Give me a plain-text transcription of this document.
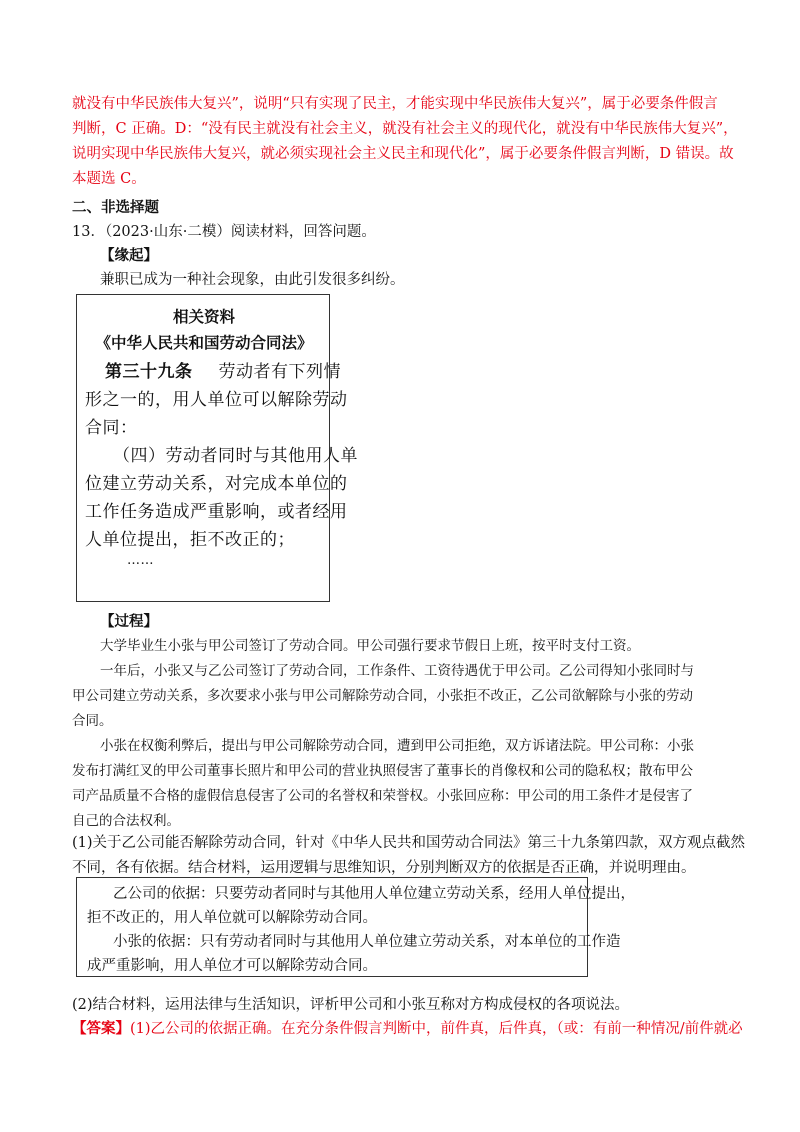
就没有中华民族伟大复兴”，说明“只有实现了民主，才能实现中华民族伟大复兴”，属于必要条件假言
判断，C 正确。D：“没有民主就没有社会主义，就没有社会主义的现代化，就没有中华民族伟大复兴”，
说明实现中华民族伟大复兴，就必须实现社会主义民主和现代化”，属于必要条件假言判断，D 错误。故
本题选 C。
二、非选择题
13．（2023·山东·二模）阅读材料，回答问题。
【缘起】
兼职已成为一种社会现象，由此引发很多纠纷。
相关资料
《中华人民共和国劳动合同法》
第三十九条 劳动者有下列情
形之一的，用人单位可以解除劳动
合同：
（四）劳动者同时与其他用人单
位建立劳动关系，对完成本单位的
工作任务造成严重影响，或者经用
人单位提出，拒不改正的；
……
【过程】
大学毕业生小张与甲公司签订了劳动合同。甲公司强行要求节假日上班，按平时支付工资。
一年后，小张又与乙公司签订了劳动合同，工作条件、工资待遇优于甲公司。乙公司得知小张同时与
甲公司建立劳动关系，多次要求小张与甲公司解除劳动合同，小张拒不改正，乙公司欲解除与小张的劳动
合同。
小张在权衡利弊后，提出与甲公司解除劳动合同，遭到甲公司拒绝，双方诉诸法院。甲公司称：小张
发布打满红叉的甲公司董事长照片和甲公司的营业执照侵害了董事长的肖像权和公司的隐私权；散布甲公
司产品质量不合格的虚假信息侵害了公司的名誉权和荣誉权。小张回应称：甲公司的用工条件才是侵害了
自己的合法权利。
(1)关于乙公司能否解除劳动合同，针对《中华人民共和国劳动合同法》第三十九条第四款，双方观点截然
不同，各有依据。结合材料，运用逻辑与思维知识，分别判断双方的依据是否正确，并说明理由。
乙公司的依据：只要劳动者同时与其他用人单位建立劳动关系，经用人单位提出，
拒不改正的，用人单位就可以解除劳动合同。
小张的依据：只有劳动者同时与其他用人单位建立劳动关系，对本单位的工作造
成严重影响，用人单位才可以解除劳动合同。
(2)结合材料，运用法律与生活知识，评析甲公司和小张互称对方构成侵权的各项说法。
【答案】(1)乙公司的依据正确。在充分条件假言判断中，前件真，后件真，（或：有前一种情况/前件就必
